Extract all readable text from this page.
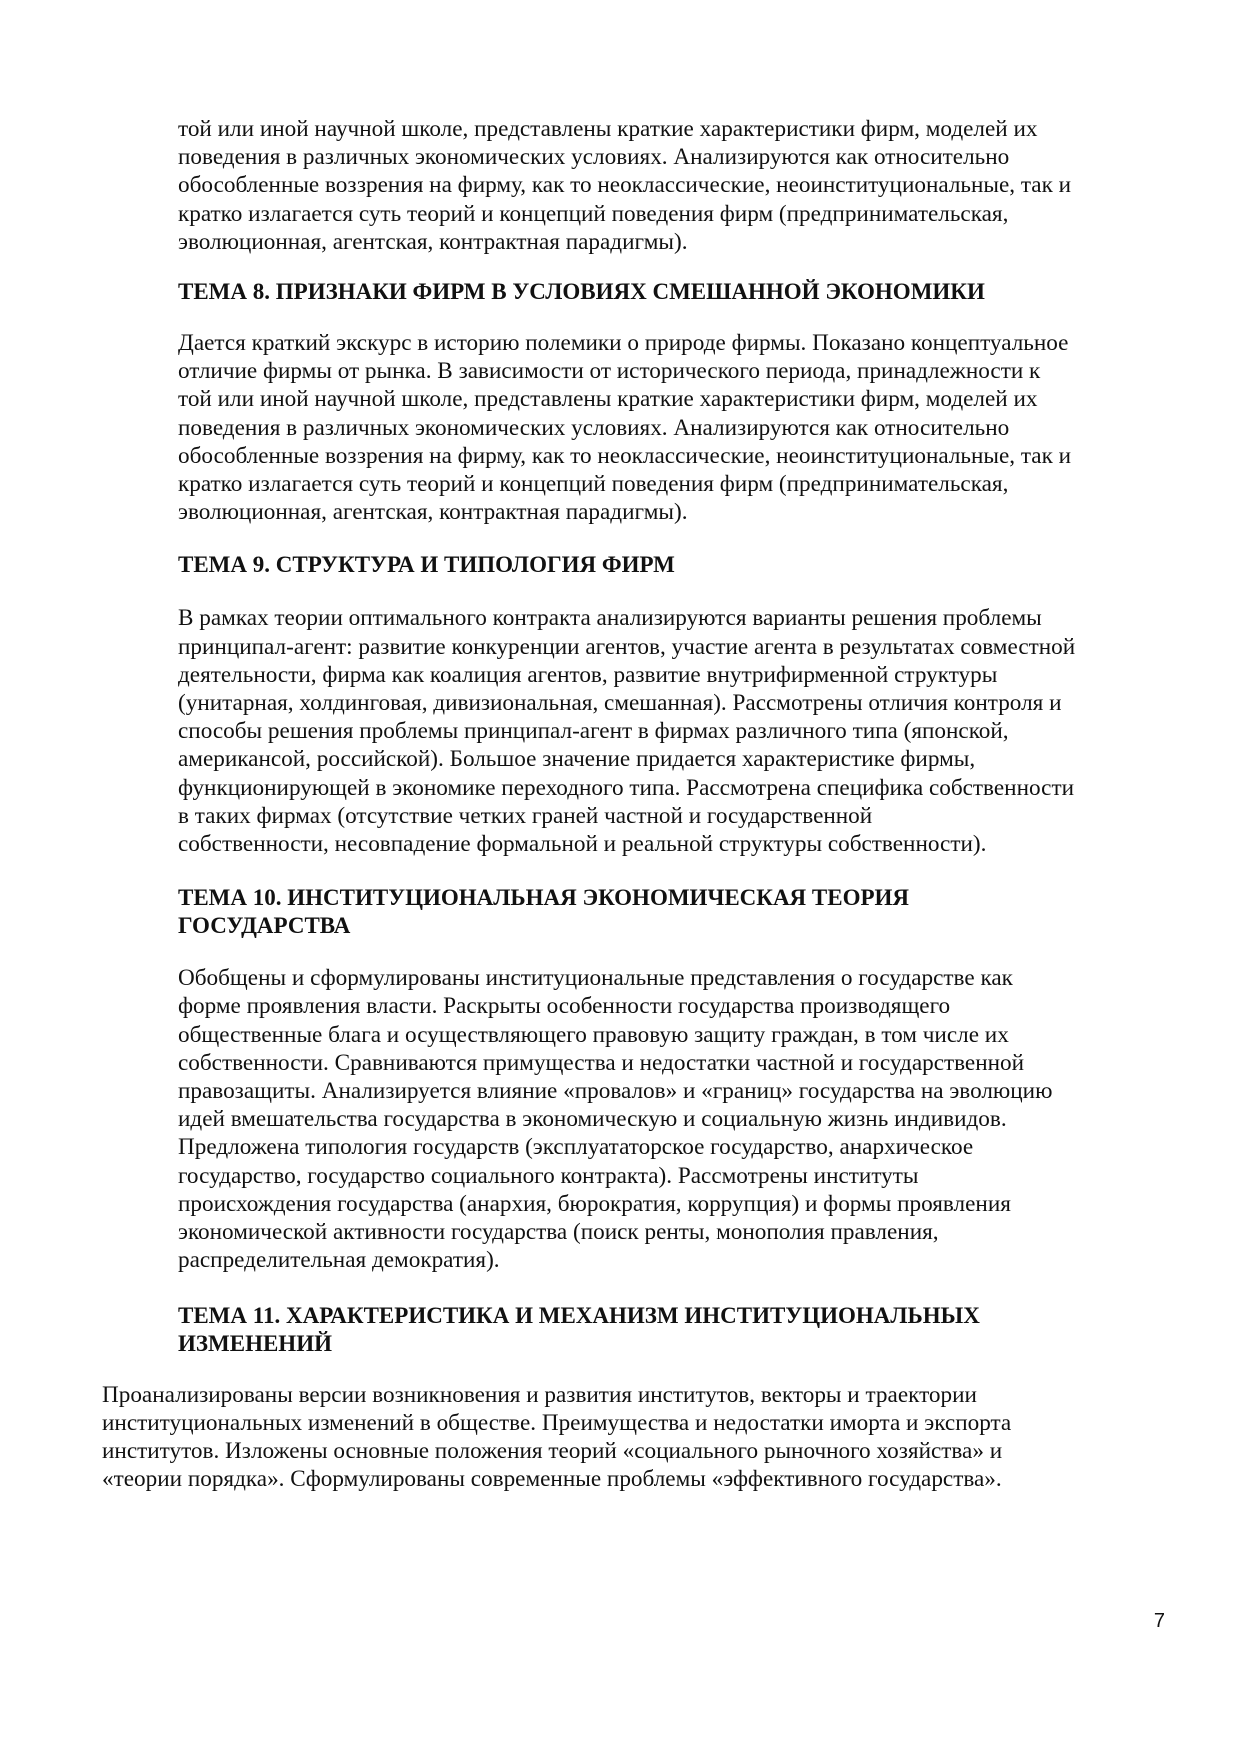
той или иной научной школе, представлены краткие характеристики фирм, моделей их
поведения в различных экономических условиях. Анализируются как относительно
обособленные воззрения на фирму, как то неоклассические, неоинституциональные, так и
кратко излагается суть теорий и концепций поведения фирм (предпринимательская,
эволюционная, агентская, контрактная парадигмы).

ТЕМА 8. ПРИЗНАКИ ФИРМ В УСЛОВИЯХ СМЕШАННОЙ ЭКОНОМИКИ

Дается краткий экскурс в историю полемики о природе фирмы. Показано концептуальное
отличие фирмы от рынка. В зависимости от исторического периода, принадлежности к
той или иной научной школе, представлены краткие характеристики фирм, моделей их
поведения в различных экономических условиях. Анализируются как относительно
обособленные воззрения на фирму, как то неоклассические, неоинституциональные, так и
кратко излагается суть теорий и концепций поведения фирм (предпринимательская,
эволюционная, агентская, контрактная парадигмы).

ТЕМА 9. СТРУКТУРА И ТИПОЛОГИЯ ФИРМ

В рамках теории оптимального контракта анализируются варианты решения проблемы
принципал-агент: развитие конкуренции агентов, участие агента в результатах совместной
деятельности, фирма как коалиция агентов, развитие внутрифирменной структуры
(унитарная, холдинговая, дивизиональная, смешанная). Рассмотрены отличия контроля и
способы решения проблемы принципал-агент в фирмах различного типа (японской,
американсой, российской). Большое значение придается характеристике фирмы,
функционирующей в экономике переходного типа. Рассмотрена специфика собственности
в таких фирмах (отсутствие четких граней частной и государственной
собственности, несовпадение формальной и реальной структуры собственности).

ТЕМА 10. ИНСТИТУЦИОНАЛЬНАЯ ЭКОНОМИЧЕСКАЯ ТЕОРИЯ
ГОСУДАРСТВА

Обобщены и сформулированы институциональные представления о государстве как
форме проявления власти. Раскрыты особенности государства производящего
общественные блага и осуществляющего правовую защиту граждан, в том числе их
собственности. Сравниваются примущества и недостатки частной и государственной
правозащиты. Анализируется влияние «провалов» и «границ» государства на эволюцию
идей вмешательства государства в экономическую и социальную жизнь индивидов.
Предложена типология государств (эксплуататорское государство, анархическое
государство, государство социального контракта). Рассмотрены институты
происхождения государства (анархия, бюрократия, коррупция) и формы проявления
экономической активности государства (поиск ренты, монополия правления,
распределительная демократия).

ТЕМА 11. ХАРАКТЕРИСТИКА И МЕХАНИЗМ ИНСТИТУЦИОНАЛЬНЫХ
ИЗМЕНЕНИЙ

Проанализированы версии возникновения и развития институтов, векторы и траектории
институциональных изменений в обществе. Преимущества и недостатки иморта и экспорта
институтов. Изложены основные положения теорий «социального рыночного хозяйства» и
«теории порядка». Сформулированы современные проблемы «эффективного государства».

7
